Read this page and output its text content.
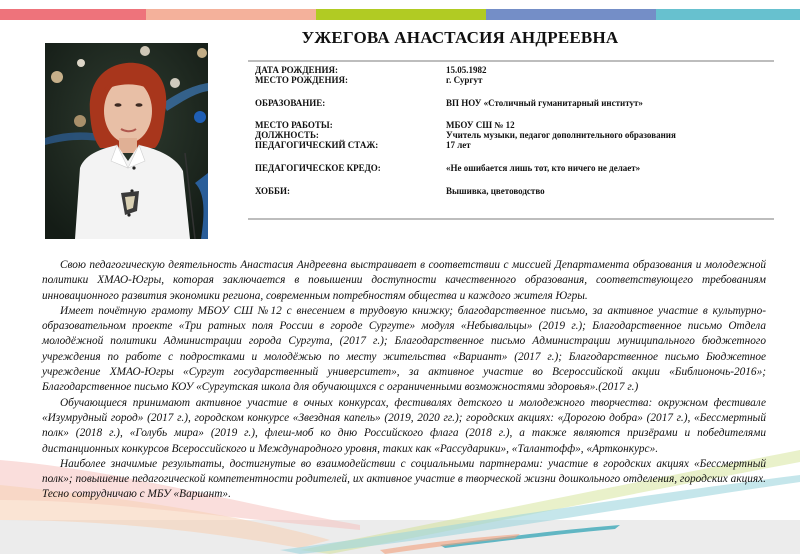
УЖЕГОВА АНАСТАСИЯ АНДРЕЕВНА
ДАТА РОЖДЕНИЯ:	15.05.1982
МЕСТО РОЖДЕНИЯ:	г. Сургут
ОБРАЗОВАНИЕ:	ВП НОУ «Столичный гуманитарный институт»
МЕСТО РАБОТЫ:	МБОУ СШ № 12
ДОЛЖНОСТЬ:	Учитель музыки, педагог дополнительного образования
ПЕДАГОГИЧЕСКИЙ СТАЖ:	17 лет
ПЕДАГОГИЧЕСКОЕ КРЕДО:	«Не ошибается лишь тот, кто ничего не делает»
ХОББИ:	Вышивка, цветоводство

Свою педагогическую деятельность Анастасия Андреевна выстраивает в соответствии с миссией Департамента образования и молодежной политики ХМАО-Югры, которая заключается в повышении доступности качественного образования, соответствующего требованиям инновационного развития экономики региона, современным потребностям общества и каждого жителя Югры.

Имеет почётную грамоту МБОУ СШ №12 с внесением в трудовую книжку; благодарственное письмо, за активное участие в культурно-образовательном проекте «Три ратных поля России в городе Сургуте» модуля «Небывальцы» (2019 г.); Благодарственное письмо Отдела молодёжной политики Администрации города Сургута, (2017 г.); Благодарственное письмо Администрации муниципального бюджетного учреждения по работе с подростками и молодёжью по месту жительства «Вариант» (2017 г.); Благодарственное письмо Бюджетное учреждение ХМАО-Югры «Сургут государственный университет», за активное участие во Всероссийской акции «Библионочь-2016»; Благодарственное письмо КОУ «Сургутская школа для обучающихся с ограниченными возможностями здоровья».(2017 г.)

Обучающиеся принимают активное участие в очных конкурсах, фестивалях детского и молодежного творчества: окружном фестивале «Изумрудный город» (2017 г.), городском конкурсе «Звездная капель» (2019, 2020 гг.); городских акциях: «Дорогою добра» (2017 г.), «Бессмертный полк» (2018 г.), «Голубь мира» (2019 г.), флеш-моб ко дню Российского флага (2018 г.), а также являются призёрами и победителями дистанционных конкурсов Всероссийского и Международного уровня, таких как «Рассударики», «Талантофф», «Артконкурс».

Наиболее значимые результаты, достигнутые во взаимодействии с социальными партнерами: участие в городских акциях «Бессмертный полк»; повышение педагогической компетентности родителей, их активное участие в творческой жизни дошкольного отделения, городских акциях. Тесно сотрудничаю с МБУ «Вариант».
